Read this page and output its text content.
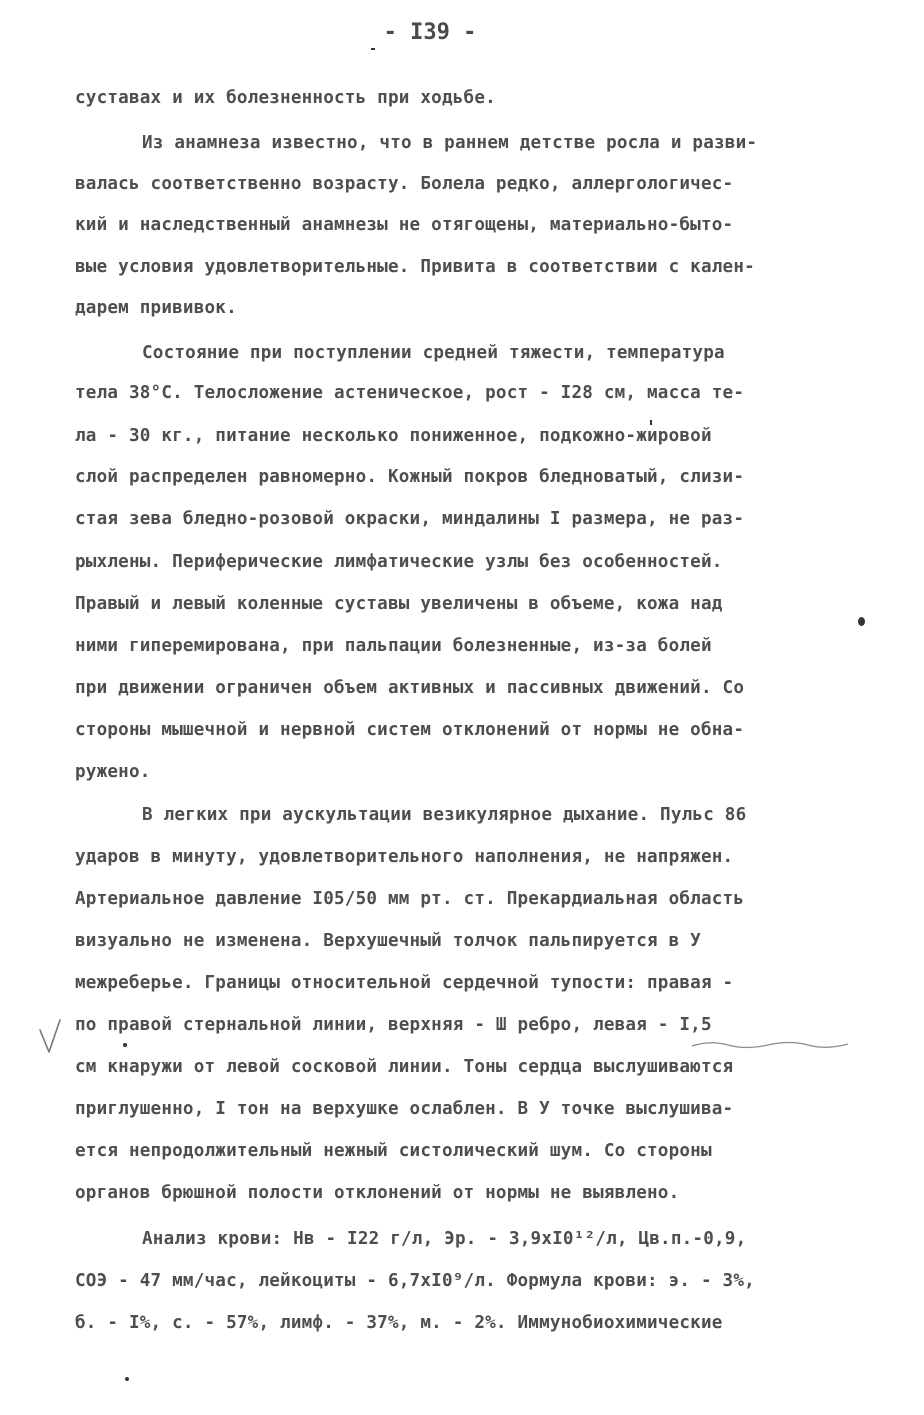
- I39 -
суставах и их болезненность при ходьбе.
Из анамнеза известно, что в раннем детстве росла и разви-
валась соответственно возрасту. Болела редко, аллергологичес-
кий и наследственный анамнезы не отягощены, материально-быто-
вые условия удовлетворительные. Привита в соответствии с кален-
дарем прививок.
Состояние при поступлении средней тяжести, температура
тела 38°С. Телосложение астеническое, рост - I28 см, масса те-
ла - 30 кг., питание несколько пониженное, подкожно-жировой
слой распределен равномерно. Кожный покров бледноватый, слизи-
стая зева бледно-розовой окраски, миндалины I размера, не раз-
рыхлены. Периферические лимфатические узлы без особенностей.
Правый и левый коленные суставы увеличены в объеме, кожа над
ними гиперемирована, при пальпации болезненные, из-за болей
при движении ограничен объем активных и пассивных движений. Со
стороны мышечной и нервной систем отклонений от нормы не обна-
ружено.
В легких при аускультации везикулярное дыхание. Пульс 86
ударов в минуту, удовлетворительного наполнения, не напряжен.
Артериальное давление I05/50 мм рт. ст. Прекардиальная область
визуально не изменена. Верхушечный толчок пальпируется в У
межреберье. Границы относительной сердечной тупости: правая -
по правой стернальной линии, верхняя - Ш ребро, левая - I,5
см кнаружи от левой сосковой линии. Тоны сердца выслушиваются
приглушенно, I тон на верхушке ослаблен. В У точке выслушива-
ется непродолжительный нежный систолический шум. Со стороны
органов брюшной полости отклонений от нормы не выявлено.
Анализ крови: Нв - I22 г/л, Эр. - 3,9xI0¹²/л, Цв.п.-0,9,
СОЭ - 47 мм/час, лейкоциты - 6,7xI0⁹/л. Формула крови: э. - 3%,
б. - I%, с. - 57%, лимф. - 37%, м. - 2%. Иммунобиохимические
